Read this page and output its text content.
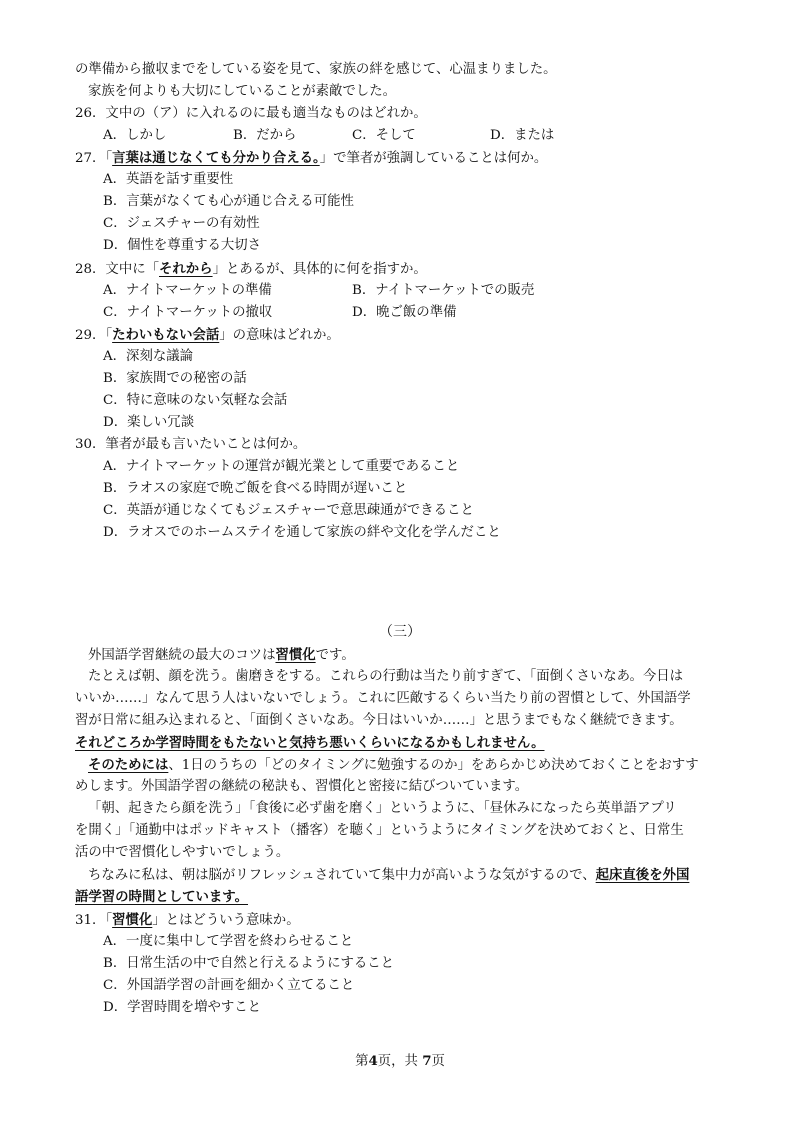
の準備から撤収までをしている姿を見て、家族の絆を感じて、心温まりました。
家族を何よりも大切にしていることが素敵でした。
26．文中の（ア）に入れるのに最も適当なものはどれか。
A．しかし	B．だから	C．そして	D．または
27．「言葉は通じなくても分かり合える。」で筆者が強調していることは何か。
A．英語を話す重要性
B．言葉がなくても心が通じ合える可能性
C．ジェスチャーの有効性
D．個性を尊重する大切さ
28．文中に「それから」とあるが、具体的に何を指すか。
A．ナイトマーケットの準備	B．ナイトマーケットでの販売
C．ナイトマーケットの撤収	D．晩ご飯の準備
29．「たわいもない会話」の意味はどれか。
A．深刻な議論
B．家族間での秘密の話
C．特に意味のない気軽な会話
D．楽しい冗談
30．筆者が最も言いたいことは何か。
A．ナイトマーケットの運営が観光業として重要であること
B．ラオスの家庭で晩ご飯を食べる時間が遅いこと
C．英語が通じなくてもジェスチャーで意思疎通ができること
D．ラオスでのホームステイを通して家族の絆や文化を学んだこと
（三）
外国語学習継続の最大のコツは習慣化です。
たとえば朝、顔を洗う。歯磨きをする。これらの行動は当たり前すぎて、「面倒くさいなあ。今日は
いいか……」なんて思う人はいないでしょう。これに匹敵するくらい当たり前の習慣として、外国語学
習が日常に組み込まれると、「面倒くさいなあ。今日はいいか……」と思うまでもなく継続できます。
それどころか学習時間をもたないと気持ち悪いくらいになるかもしれません。
そのためには、1日のうちの「どのタイミングに勉強するのか」をあらかじめ決めておくことをおすす
めします。外国語学習の継続の秘訣も、習慣化と密接に結びついています。
「朝、起きたら顔を洗う」「食後に必ず歯を磨く」というように、「昼休みになったら英単語アプリ
を開く」「通勤中はポッドキャスト（播客）を聴く」というようにタイミングを決めておくと、日常生
活の中で習慣化しやすいでしょう。
ちなみに私は、朝は脳がリフレッシュされていて集中力が高いような気がするので、起床直後を外国
語学習の時間としています。
31．「習慣化」とはどういう意味か。
A．一度に集中して学習を終わらせること
B．日常生活の中で自然と行えるようにすること
C．外国語学習の計画を細かく立てること
D．学習時間を増やすこと
第4页，共 7页
